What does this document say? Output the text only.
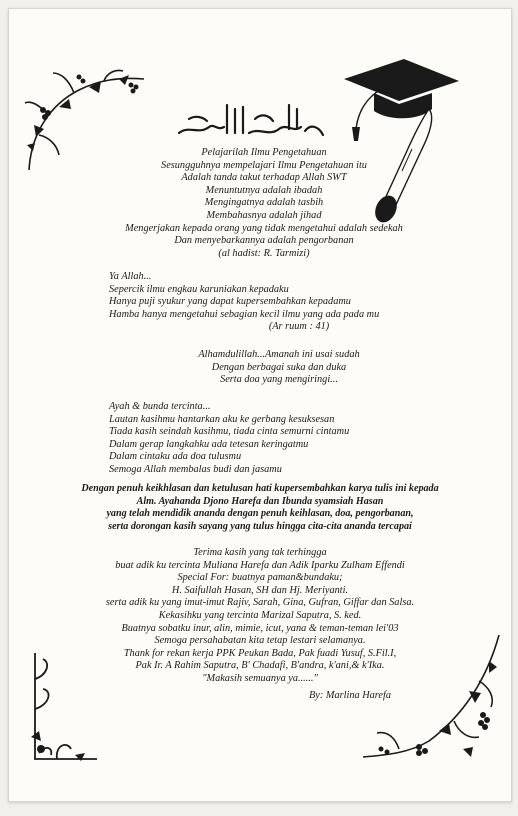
بِسْمِ اللَّهِ الرَّحْمَنِ الرَّحِيم
Pelajarilah Ilmu Pengetahuan
Sesungguhnya mempelajari Ilmu Pengetahuan itu
Adalah tanda takut terhadap Allah SWT
Menuntutnya adalah ibadah
Mengingatnya adalah tasbih
Membahasnya adalah jihad
Mengerjakan kepada orang yang tidak mengetahui adalah sedekah
Dan menyebarkannya adalah pengorbanan
(al hadist: R. Tarmizi)
Ya Allah...
Sepercik ilmu engkau karuniakan kepadaku
Hanya puji syukur yang dapat kupersembahkan kepadamu
Hamba hanya mengetahui sebagian kecil ilmu yang ada pada mu
(Ar ruum : 41)
Alhamdulillah...Amanah ini usai sudah
Dengan berbagai suka dan duka
Serta doa yang mengiringi...
Ayah & bunda tercinta...
Lautan kasihmu hantarkan aku ke gerbang kesuksesan
Tiada kasih seindah kasihmu, tiada cinta semurni cintamu
Dalam gerap langkahku ada tetesan keringatmu
Dalam cintaku ada doa tulusmu
Semoga Allah membalas budi dan jasamu
Dengan penuh keikhlasan dan ketulusan hati kupersembahkan karya tulis ini kepada
Alm. Ayahanda Djono Harefa dan Ibunda syamsiah Hasan
yang telah mendidik ananda dengan penuh keihlasan, doa, pengorbanan,
serta dorongan kasih sayang yang tulus hingga cita-cita ananda tercapai
Terima kasih yang tak terhingga
buat adik ku tercinta Muliana Harefa dan Adik Iparku Zulham Effendi
Special For: buatnya paman&bundaku;
H. Saifullah Hasan, SH dan Hj. Meriyanti.
serta adik ku yang imut-imut Rajiv, Sarah, Gina, Gufran, Giffar dan Salsa.
Kekasihku yang tercinta Marizal Saputra, S. ked.
Buatnya sobatku inur, alin, mimie, icut, yana & teman-teman lei'03
Semoga persahabatan kita tetap lestari selamanya.
Thank for rekan kerja PPK Peukan Bada, Pak fuadi Yusuf, S.Fil.I,
Pak Ir. A Rahim Saputra, B' Chadafi, B'andra, k'ani,& k'Ika.
"Makasih semuanya ya......"
By: Marlina Harefa
